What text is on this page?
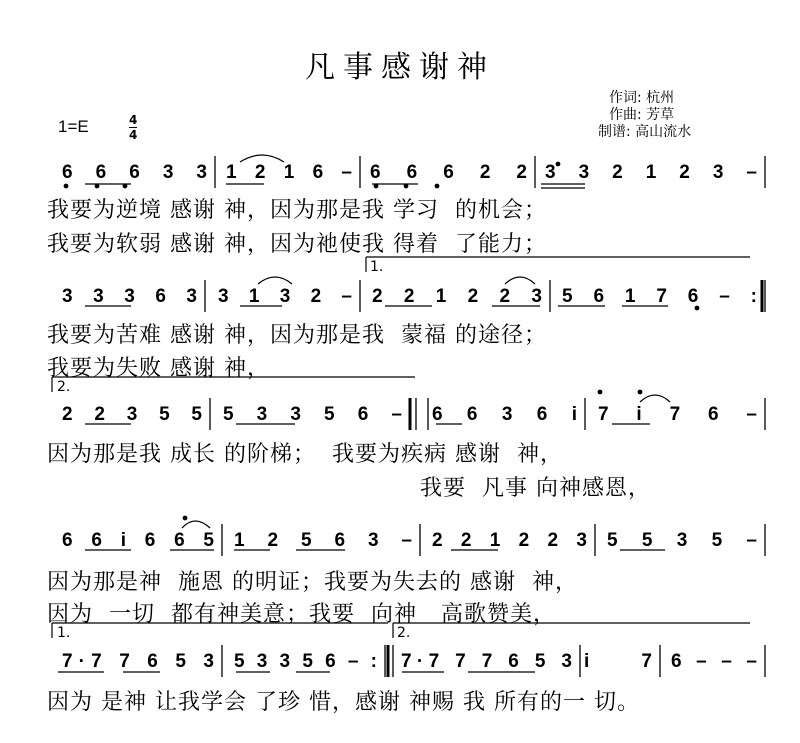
凡事感谢神
作词: 杭州
作曲: 芳草
制谱: 高山流水
1=E	4
4
6 6 6 3 3 1 2 1 6 – 6 6 6 2 2 3 3 2 1 2 3 –
3 3 3 6 3 3 1 3 2 – 2 2 1 2 2 3 5 6 1 7 6 – :
2 2 3 5 5 5 3 3 5 6 – 6 6 3 6 i 7 i 7 6 –
6 6 i 6 6 5 1 2 5 6 3 – 2 2 1 2 2 3 5 5 3 5 –
7·7 7 6 5 3 5 3 3 5 6 – : 7·7 7 7 6 5 3 i 7 6 – – –
我要为逆境 感谢 神，因为那是我 学习  的机会；
我要为软弱 感谢 神，因为祂使我 得着  了能力；
我要为苦难 感谢 神，因为那是我  蒙福 的途径；
我要为失败 感谢 神，
因为那是我 成长 的阶梯；  我要为疾病 感谢  神，
我要  凡事 向神感恩，
因为那是神  施恩 的明证；我要为失去的 感谢  神，
因为  一切  都有神美意；我要  向神   高歌赞美，
因为 是神 让我学会 了珍 惜，感谢 神赐 我 所有的一 切。
1.
2.
1.	2.
